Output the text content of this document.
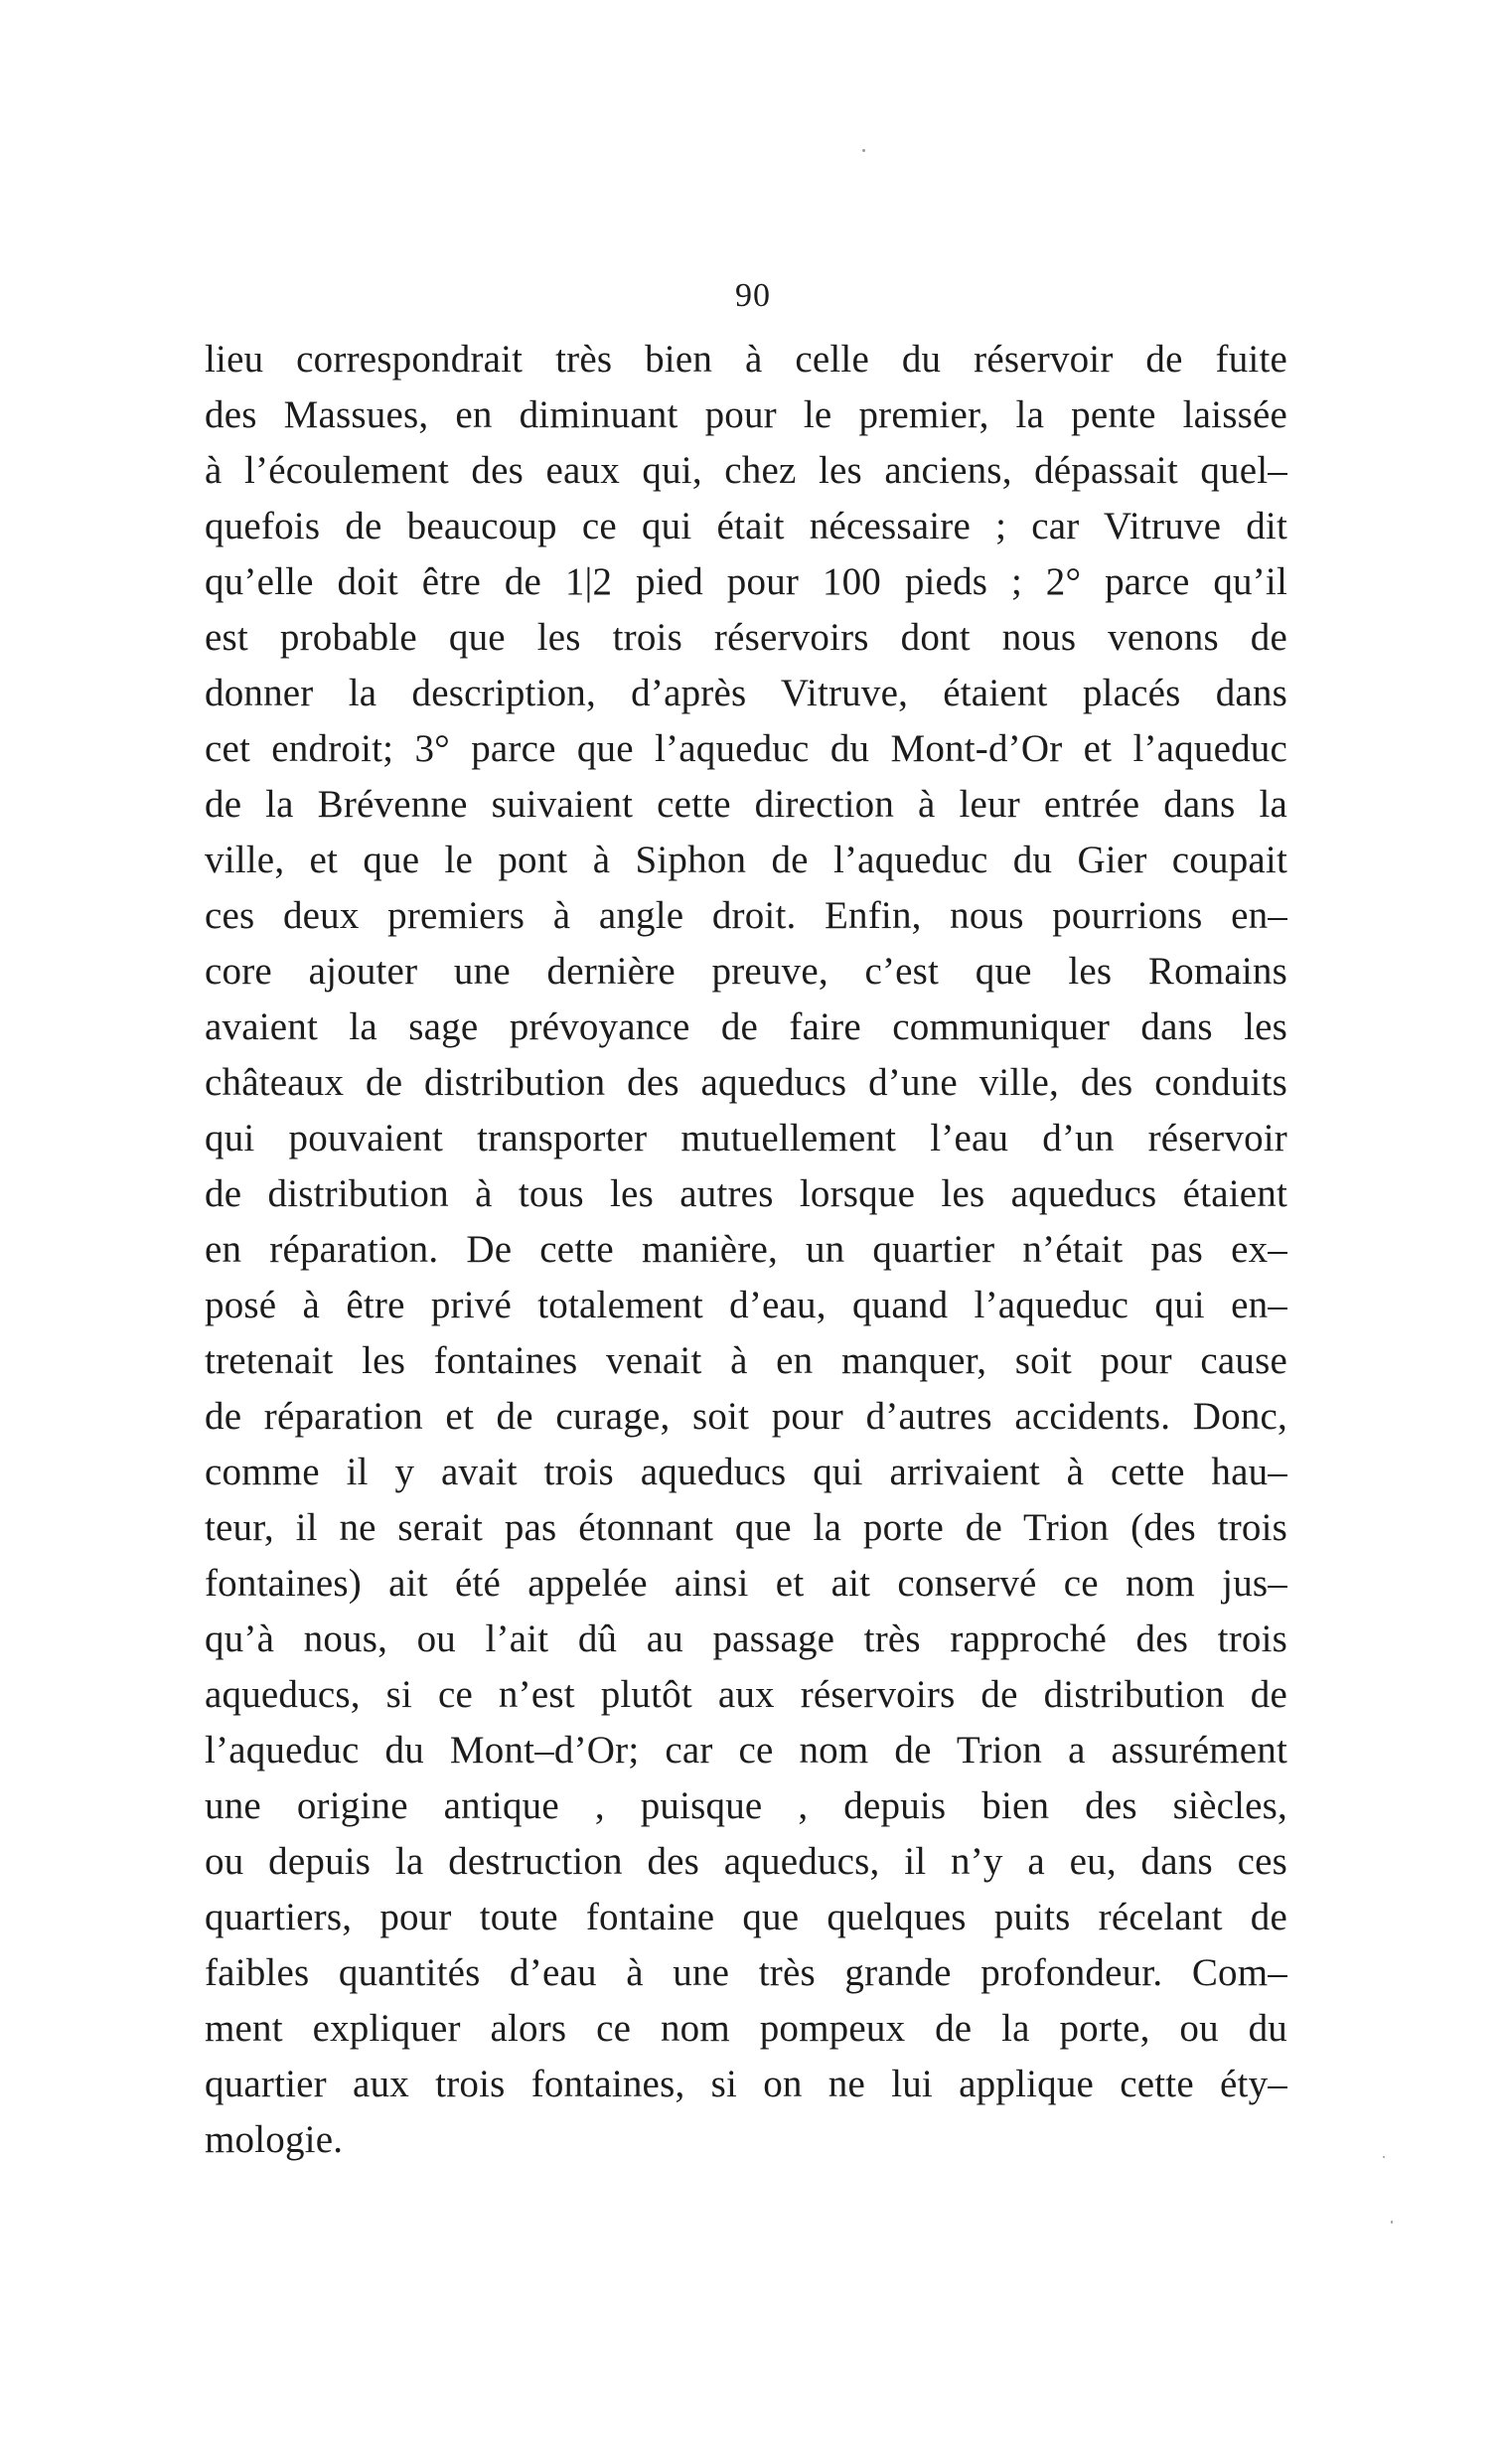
90
lieu correspondrait très bien à celle du réservoir de fuite
des Massues, en diminuant pour le premier, la pente laissée
à l’écoulement des eaux qui, chez les anciens, dépassait quel–
quefois de beaucoup ce qui était nécessaire ; car Vitruve dit
qu’elle doit être de 1|2 pied pour 100 pieds ; 2° parce qu’il
est probable que les trois réservoirs dont nous venons de
donner la description, d’après Vitruve, étaient placés dans
cet endroit; 3° parce que l’aqueduc du Mont-d’Or et l’aqueduc
de la Brévenne suivaient cette direction à leur entrée dans la
ville, et que le pont à Siphon de l’aqueduc du Gier coupait
ces deux premiers à angle droit. Enfin, nous pourrions en–
core ajouter une dernière preuve, c’est que les Romains
avaient la sage prévoyance de faire communiquer dans les
châteaux de distribution des aqueducs d’une ville, des conduits
qui pouvaient transporter mutuellement l’eau d’un réservoir
de distribution à tous les autres lorsque les aqueducs étaient
en réparation. De cette manière, un quartier n’était pas ex–
posé à être privé totalement d’eau, quand l’aqueduc qui en–
tretenait les fontaines venait à en manquer, soit pour cause
de réparation et de curage, soit pour d’autres accidents. Donc,
comme il y avait trois aqueducs qui arrivaient à cette hau–
teur, il ne serait pas étonnant que la porte de Trion (des trois
fontaines) ait été appelée ainsi et ait conservé ce nom jus–
qu’à nous, ou l’ait dû au passage très rapproché des trois
aqueducs, si ce n’est plutôt aux réservoirs de distribution de
l’aqueduc du Mont–d’Or; car ce nom de Trion a assurément
une origine antique , puisque , depuis bien des siècles,
ou depuis la destruction des aqueducs, il n’y a eu, dans ces
quartiers, pour toute fontaine que quelques puits récelant de
faibles quantités d’eau à une très grande profondeur. Com–
ment expliquer alors ce nom pompeux de la porte, ou du
quartier aux trois fontaines, si on ne lui applique cette éty–
mologie.
